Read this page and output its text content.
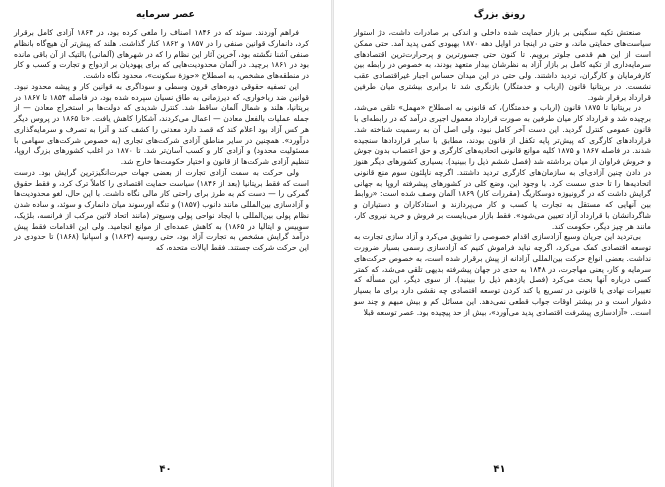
عصر سرمایه

فراهم آوردند. سوئد که در ۱۸۴۶ اصناف را ملغی کرده بود، در ۱۸۶۴ آزادی کامل برقرار کرد، دانمارک قوانین صنفی را در ۱۸۵۷ و ۱۸۶۲ کنار گذاشت. هلند که پیش‌تر آن هیچ‌گاه بانظام صنفی آشنا نگشته بود، آخرین آثار این نظام را که در شهرهای (آلمانی) بالتیک از آن باقی مانده بود در ۱۸۶۱ برچید. در آلمان محدودیت‌هایی که برای یهودیان بر ازدواج و تجارت و کسب و کار در منطقه‌های مشخص، به اصطلاح «حوزهٔ سکونت»، محدود نگاه داشت.

این تصفیه حقوقی دوره‌های قرون وسطی و سوداگری به قوانین کار و پیشه محدود نبود. قوانین ضد ربا‌خواری، که دیرزمانی به طاق نسیان سپرده شده بود، در فاصله ۱۸۵۴ تا ۱۸۶۷ در بریتانیا، هلند و شمال آلمان ساقط شد. کنترل شدیدی که دولت‌ها بر استخراج معادن — از جمله عملیات بالفعل معادن — اعمال می‌کردند، آشکارا کاهش یافت. «تا ۱۸۶۵ در پروس دیگر هر کس آزاد بود اعلام کند که قصد دارد معدنی را کشف کند و آنرا به تصرف و سرمایه‌گذاری درآورد». همچنین در سایر مناطق آزادی شرکت‌های تجاری (به خصوص شرکت‌های سهامی با مسئولیت محدود) و آزادی کار و کسب آسان‌تر شد. تا ۱۸۷۰ در اغلب کشورهای بزرگ اروپا، تنظیم آزادی شرکت‌ها از قانون و اختیار حکومت‌ها خارج شد.

ولی حرکت به سمت آزادی تجارت از بعضی جهات حیرت‌انگیزترین گرایش بود. درست است که فقط بریتانیا (بعد از ۱۸۴۶) سیاست حمایت اقتصادی را کاملاً ترک کرد، و فقط حقوق گمرکی را — دست کم به طرز برای راحتی کار مالی نگاه داشت. با این حال، لغو محدودیت‌ها و آزادسازی بین‌المللی مانند دانوب (۱۸۵۷) و تنگه اورسوند میان دانمارک و سوئد، و ساده شدن نظام پولی بین‌المللی با ایجاد نواحی پولی وسیع‌تر (مانند اتحاد لاتین مرکب از فرانسه، بلژیک، سوییس و ایتالیا در ۱۸۶۵) به کاهش عمده‌ای از موانع انجامید. ولی این اقدامات فقط پیش درآمد گرایش مشخص به تجارت آزاد بود، حتی روسیه (۱۸۶۳) و اسپانیا (۱۸۶۸) تا حدودی در این حرکت شرکت جستند. فقط ایالات متحده، که

۴۰
رونق بزرگ

صنعتش تکیه سنگینی بر بازار حمایت شده داخلی و اندکی بر صادرات داشت، دژ استوار سیاست‌های حمایتی ماند، و حتی در اینجا در اوایل دهه ۱۸۷۰ بهبودی کمی پدید آمد. حتی ممکن است از این هم قدمی جلوتر برویم. تا کنون حتی جسورترین و پرحرارت‌ترین اقتصادهای سرمایه‌داری از تکیه کامل بر بازار آزاد به نظرشان بیدار متعهد بودند، به خصوص در رابطه بین کارفرمایان و کارگران، تردید داشتند. ولی حتی در این میدان حساس اجبار غیراقتصادی عقب نشست. در بریتانیا قانون (ارباب و خدمتگار) بازنگری شد تا برابری بیشتری میان طرفین قرارداد برقرار شود.

در بریتانیا تا ۱۸۷۵ قانون (ارباب و خدمتگار)، که قانونی به اصطلاح «مهمل» تلقی می‌شد، برچیده شد و قرارداد کار میان طرفین به صورت قرارداد معمول اجیری درآمد که در رابطه‌ای با قانون عمومی کنترل گردید. این دست آخر کامل نبود، ولی اصل آن به رسمیت شناخته شد. قراردادهای کارگری که پیش‌تر پایه تکفل از قانون بودند، مطابق با سایر قراردادها سنجیده شدند. در فاصله ۱۸۶۷ و ۱۸۷۵ کلیه موانع قانونی اتحادیه‌های کارگری و حق اعتصاب بدون جوش و خروش فراوان از میان برداشته شد (فصل ششم ذیل را ببینید). بسیاری کشورهای دیگر هنوز در دادن چنین آزادی‌ای به سازمان‌های کارگری تردید داشتند. اگرچه ناپلئون سوم منع قانونی اتحادیه‌ها را تا حدی سست کرد. با وجود این، وضع کلی در کشورهای پیشرفته اروپا به جهانی گرایش داشت که در گرونیوزه دوسکاریگ (مقررات کار) ۱۸۶۹ آلمان وصف شده است: «روابط بین آنهایی که مستقل به تجارت یا کسب و کار می‌پردازند و استادکاران و دستیاران و شاگردانشان با قرارداد آزاد تعیین می‌شود». فقط بازار می‌بایست بر فروش و خرید نیروی کار، مانند هر چیز دیگر، حکومت کند.

بی‌تردید این جریان وسیع آزادسازی اقدام خصوصی را تشویق می‌کرد و آزاد سازی تجارت به توسعه اقتصادی کمک می‌کرد، اگرچه نباید فراموش کنیم که آزادسازی رسمی بسیار ضرورت نداشت. بعضی انواع حرکت بین‌المللی آزادانه از پیش برقرار شده است، به خصوص حرکت‌های سرمایه و کار، یعنی مهاجرت، در ۱۸۴۸ به حدی در جهان پیشرفته بدیهی تلقی می‌شد، که کمتر کسی درباره آنها بحث می‌کرد (فصل یازدهم ذیل را ببینید). از سوی دیگر، این مسأله که تغییرات نهادی یا قانونی در تسریع یا کند کردن توسعه اقتصادی چه نقشی دارد برای ما بسیار دشوار است و در بیشتر اوقات جواب قطعی نمی‌دهد. این مسائل کم و بیش مبهم و چند سو است.. «آزادسازی پیشرفت اقتصادی پدید می‌آورد»، بیش از حد پیچیده بود. عصر توسعه قبلا

۴۱
